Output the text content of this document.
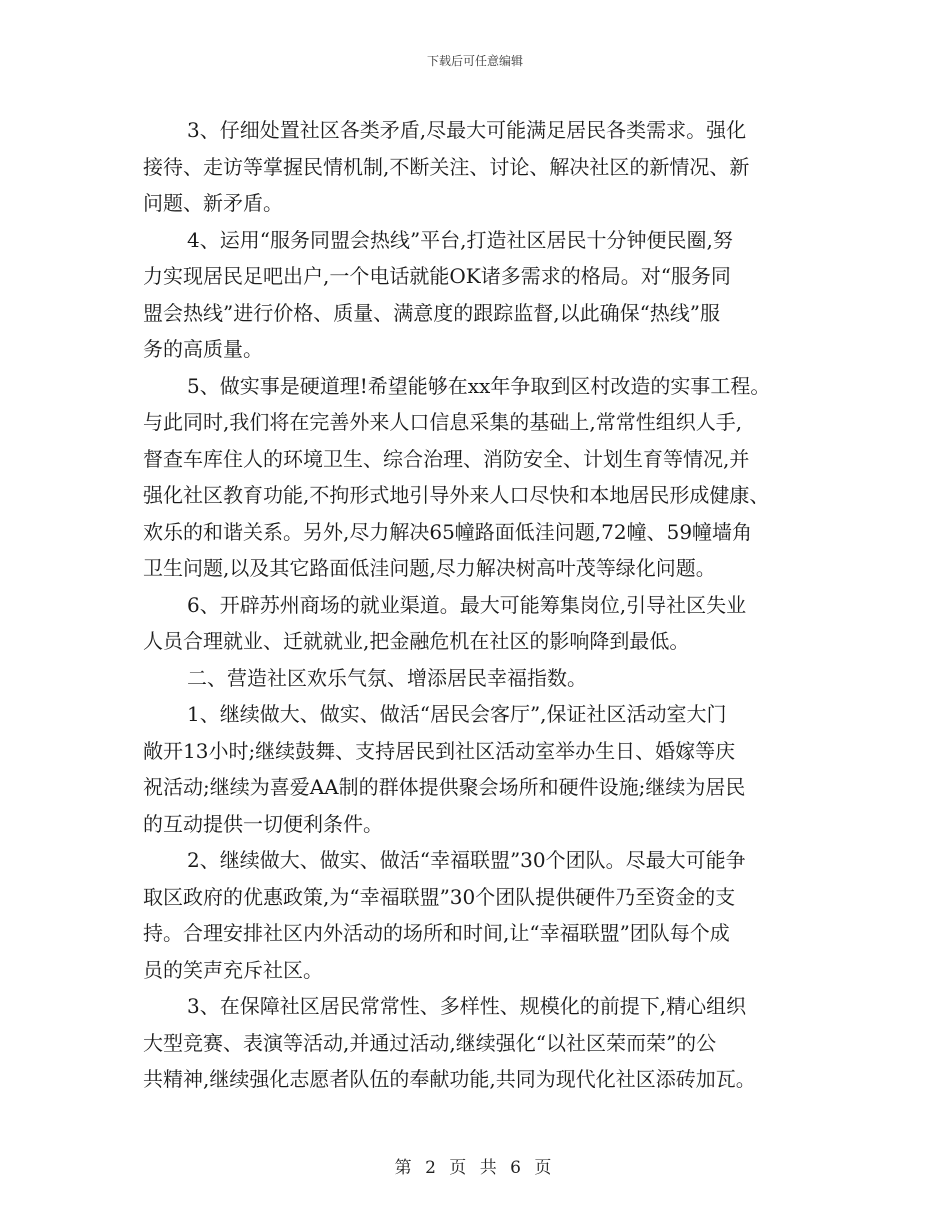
下载后可任意编辑
3、仔细处置社区各类矛盾,尽最大可能满足居民各类需求。强化
接待、走访等掌握民情机制,不断关注、讨论、解决社区的新情况、新
问题、新矛盾。
4、运用“服务同盟会热线”平台,打造社区居民十分钟便民圈,努
力实现居民足吧出户,一个电话就能OK诸多需求的格局。对“服务同
盟会热线”进行价格、质量、满意度的跟踪监督,以此确保“热线”服
务的高质量。
5、做实事是硬道理!希望能够在xx年争取到区村改造的实事工程。
与此同时,我们将在完善外来人口信息采集的基础上,常常性组织人手,
督查车库住人的环境卫生、综合治理、消防安全、计划生育等情况,并
强化社区教育功能,不拘形式地引导外来人口尽快和本地居民形成健康、
欢乐的和谐关系。另外,尽力解决65幢路面低洼问题,72幢、59幢墙角
卫生问题,以及其它路面低洼问题,尽力解决树高叶茂等绿化问题。
6、开辟苏州商场的就业渠道。最大可能筹集岗位,引导社区失业
人员合理就业、迁就就业,把金融危机在社区的影响降到最低。
二、营造社区欢乐气氛、增添居民幸福指数。
1、继续做大、做实、做活“居民会客厅”,保证社区活动室大门
敞开13小时;继续鼓舞、支持居民到社区活动室举办生日、婚嫁等庆
祝活动;继续为喜爱AA制的群体提供聚会场所和硬件设施;继续为居民
的互动提供一切便利条件。
2、继续做大、做实、做活“幸福联盟”30个团队。尽最大可能争
取区政府的优惠政策,为“幸福联盟”30个团队提供硬件乃至资金的支
持。合理安排社区内外活动的场所和时间,让“幸福联盟”团队每个成
员的笑声充斥社区。
3、在保障社区居民常常性、多样性、规模化的前提下,精心组织
大型竞赛、表演等活动,并通过活动,继续强化“以社区荣而荣”的公
共精神,继续强化志愿者队伍的奉献功能,共同为现代化社区添砖加瓦。
第 2 页 共 6 页
